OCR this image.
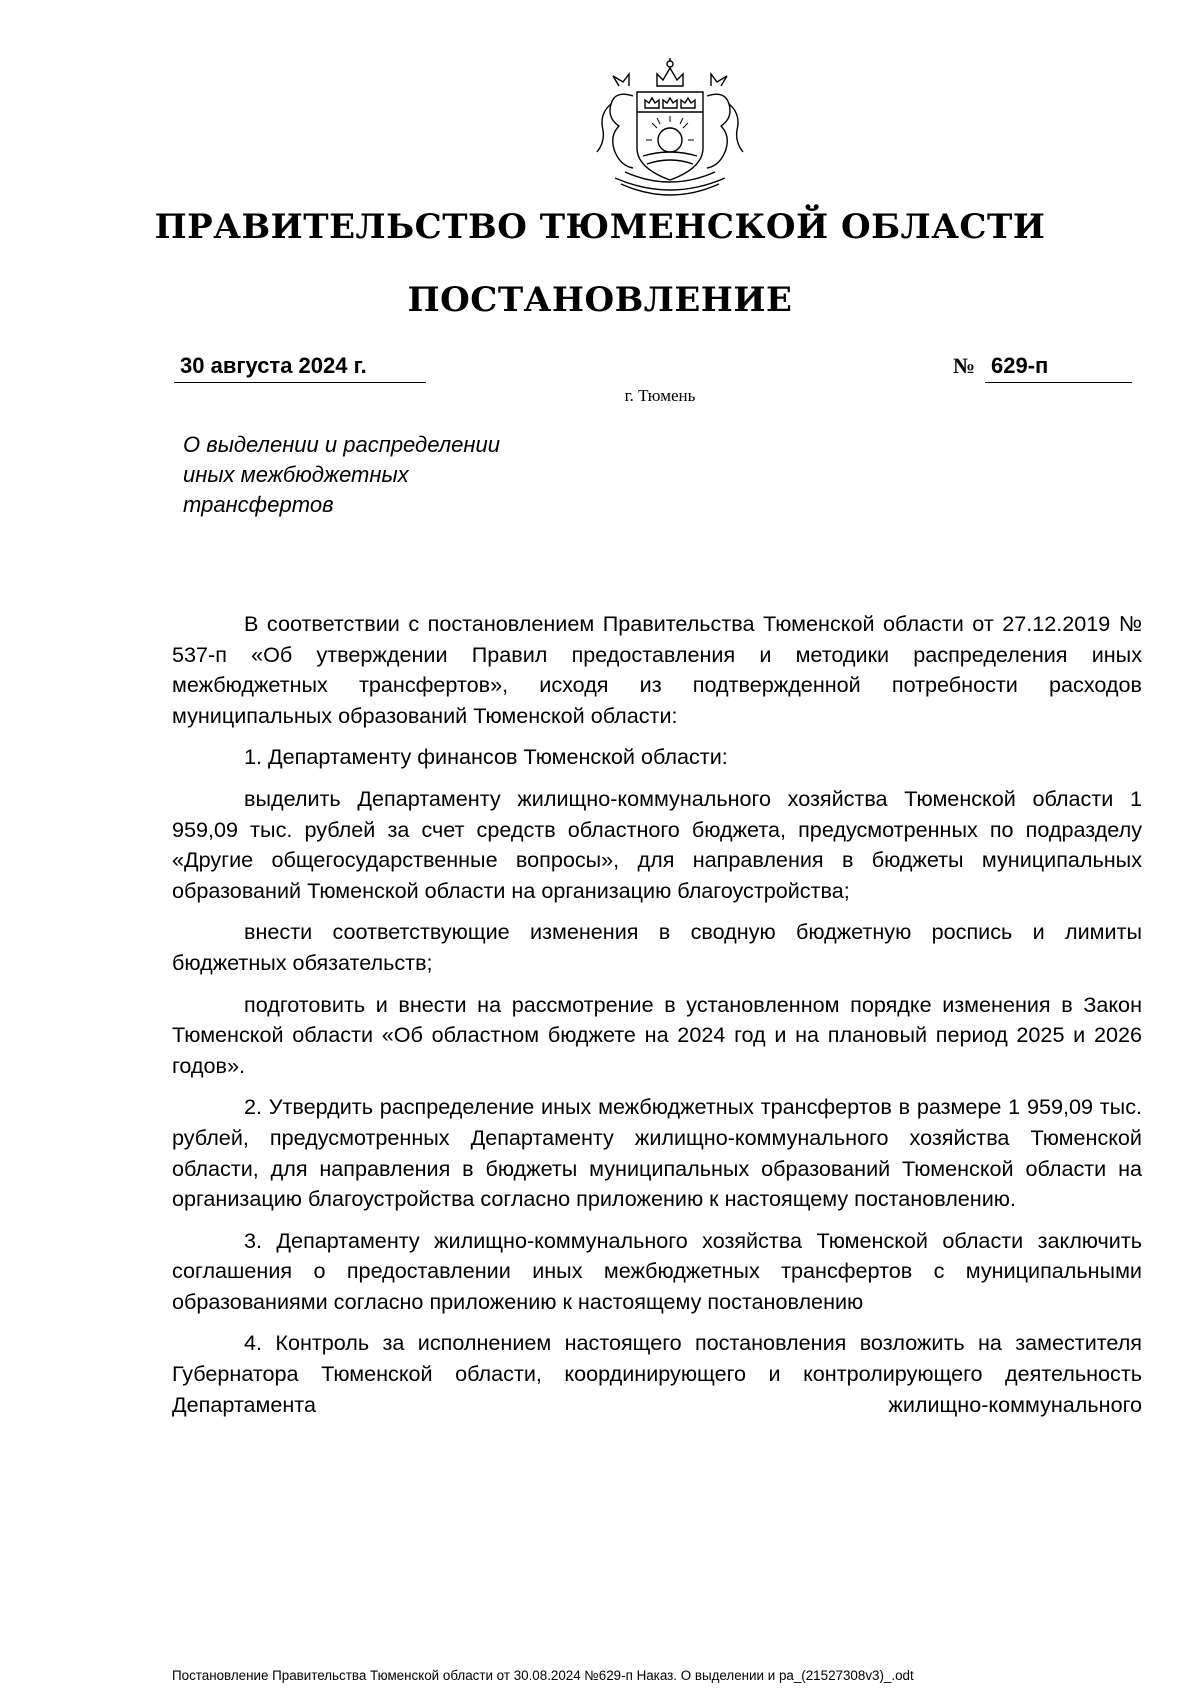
ПРАВИТЕЛЬСТВО ТЮМЕНСКОЙ ОБЛАСТИ
ПОСТАНОВЛЕНИЕ
30 августа 2024 г.	№ 629-п
г. Тюмень
О выделении и распределении
иных межбюджетных
трансфертов

В соответствии с постановлением Правительства Тюменской области от 27.12.2019 № 537-п «Об утверждении Правил предоставления и методики распределения иных межбюджетных трансфертов», исходя из подтвержденной потребности расходов муниципальных образований Тюменской области:

1. Департаменту финансов Тюменской области:

выделить Департаменту жилищно-коммунального хозяйства Тюменской области 1 959,09 тыс. рублей за счет средств областного бюджета, предусмотренных по подразделу «Другие общегосударственные вопросы», для направления в бюджеты муниципальных образований Тюменской области на организацию благоустройства;

внести соответствующие изменения в сводную бюджетную роспись и лимиты бюджетных обязательств;

подготовить и внести на рассмотрение в установленном порядке изменения в Закон Тюменской области «Об областном бюджете на 2024 год и на плановый период 2025 и 2026 годов».

2. Утвердить распределение иных межбюджетных трансфертов в размере 1 959,09 тыс. рублей, предусмотренных Департаменту жилищно-коммунального хозяйства Тюменской области, для направления в бюджеты муниципальных образований Тюменской области на организацию благоустройства согласно приложению к настоящему постановлению.

3. Департаменту жилищно-коммунального хозяйства Тюменской области заключить соглашения о предоставлении иных межбюджетных трансфертов с муниципальными образованиями согласно приложению к настоящему постановлению

4. Контроль за исполнением настоящего постановления возложить на заместителя Губернатора Тюменской области, координирующего и контролирующего деятельность Департамента жилищно-коммунального

Постановление Правительства Тюменской области от 30.08.2024 №629-п Наказ. О выделении и ра_(21527308v3)_.odt
